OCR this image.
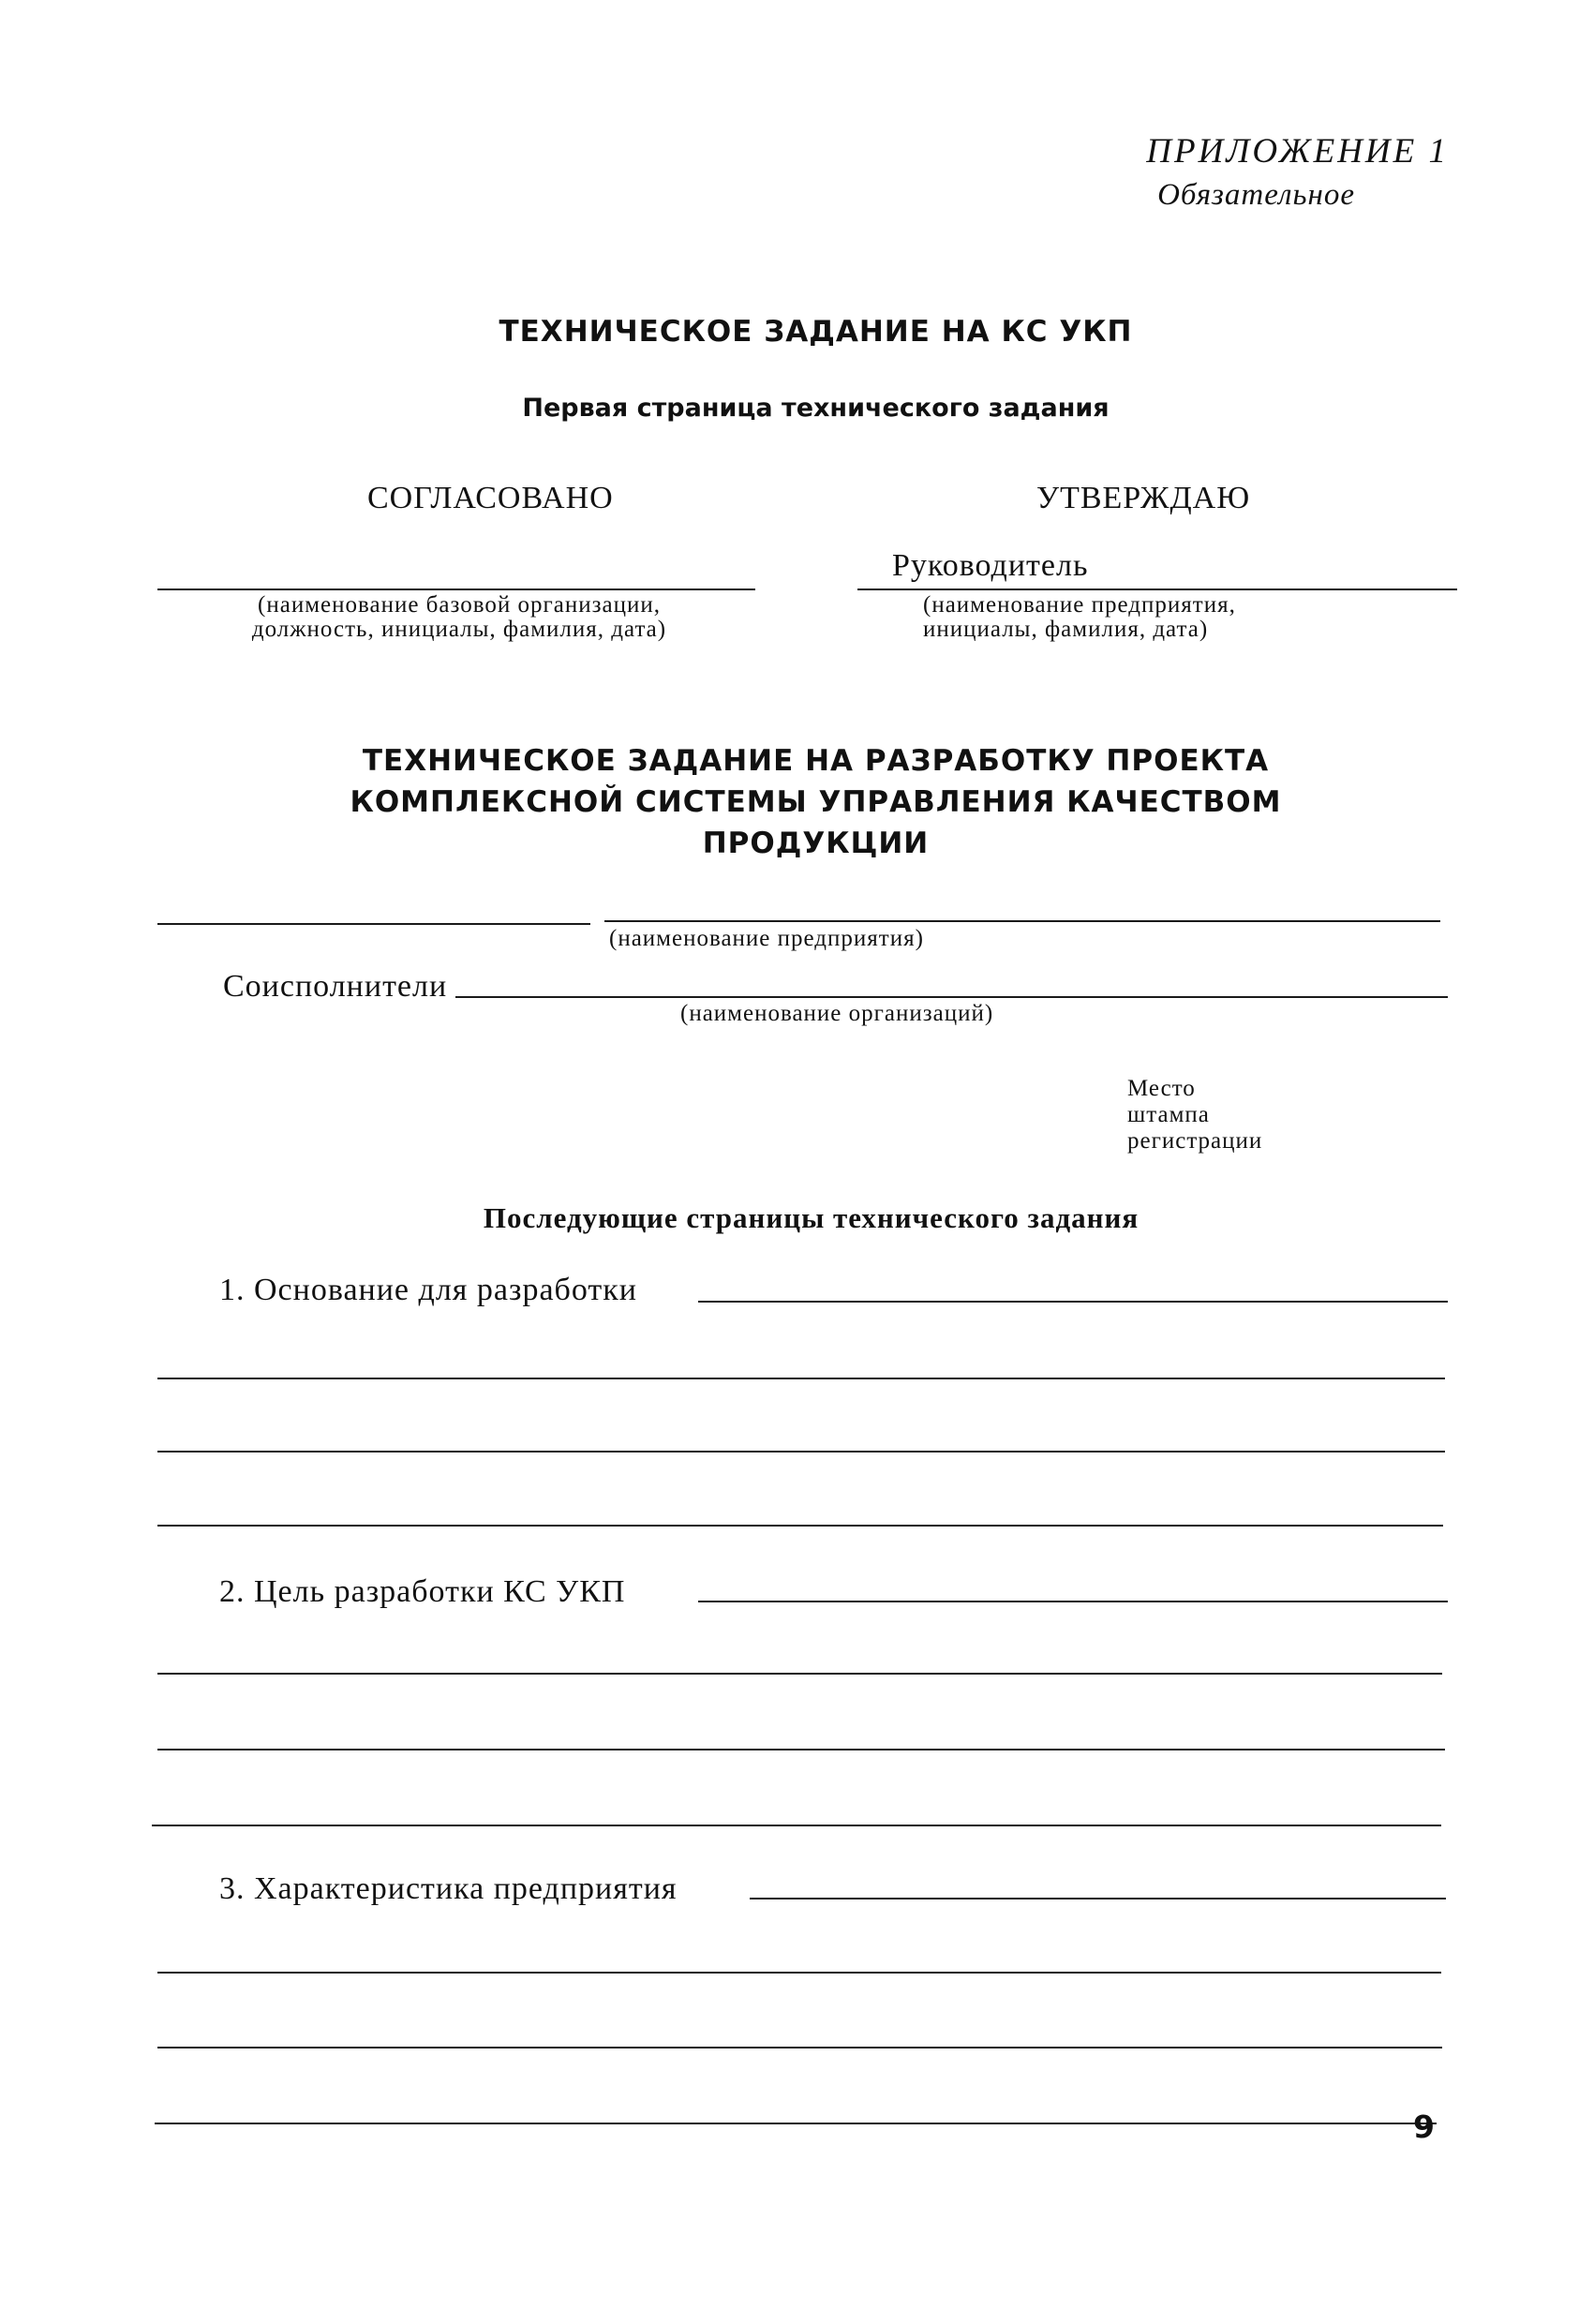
ПРИЛОЖЕНИЕ 1
Обязательное
ТЕХНИЧЕСКОЕ ЗАДАНИЕ НА КС УКП
Первая страница технического задания
СОГЛАСОВАНО	УТВЕРЖДАЮ
Руководитель
(наименование базовой организации,
должность, инициалы, фамилия, дата)
(наименование предприятия,
инициалы, фамилия, дата)
ТЕХНИЧЕСКОЕ ЗАДАНИЕ НА РАЗРАБОТКУ ПРОЕКТА
КОМПЛЕКСНОЙ СИСТЕМЫ УПРАВЛЕНИЯ КАЧЕСТВОМ
ПРОДУКЦИИ
(наименование предприятия)
Соисполнители
(наименование организаций)
Место
штампа
регистрации
Последующие страницы технического задания
1. Основание для разработки
2. Цель разработки КС УКП
3. Характеристика предприятия
9
